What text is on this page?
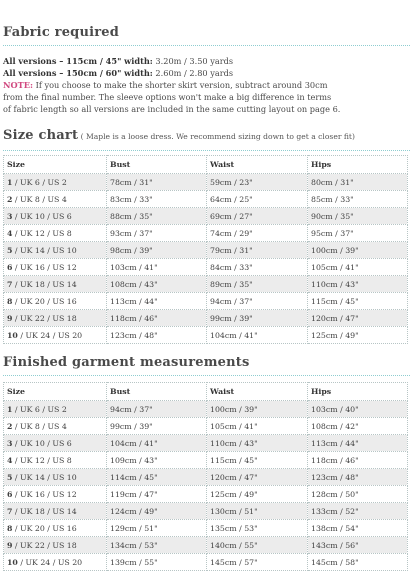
Fabric required

All versions – 115cm / 45" width: 3.20m / 3.50 yards

All versions – 150cm / 60" width: 2.60m / 2.80 yards

NOTE: If you choose to make the shorter skirt version, subtract around 30cm

from the final number. The sleeve options won't make a big difference in terms

of fabric length so all versions are included in the same cutting layout on page 6.

Size chart ( Maple is a loose dress. We recommend sizing down to get a closer fit)
Size	Bust	Waist	Hips
1 / UK 6 / US 2	78cm / 31"	59cm / 23"	80cm / 31"
2 / UK 8 / US 4	83cm / 33"	64cm / 25"	85cm / 33"
3 / UK 10 / US 6	88cm / 35"	69cm / 27"	90cm / 35"
4 / UK 12 / US 8	93cm / 37"	74cm / 29"	95cm / 37"
5 / UK 14 / US 10	98cm / 39"	79cm / 31"	100cm / 39"
6 / UK 16 / US 12	103cm / 41"	84cm / 33"	105cm / 41"
7 / UK 18 / US 14	108cm / 43"	89cm / 35"	110cm / 43"
8 / UK 20 / US 16	113cm / 44"	94cm / 37"	115cm / 45"
9 / UK 22 / US 18	118cm / 46"	99cm / 39"	120cm / 47"
10 / UK 24 / US 20	123cm / 48"	104cm / 41"	125cm / 49"
Finished garment measurements
Size	Bust	Waist	Hips
1 / UK 6 / US 2	94cm / 37"	100cm / 39"	103cm / 40"
2 / UK 8 / US 4	99cm / 39"	105cm / 41"	108cm / 42"
3 / UK 10 / US 6	104cm / 41"	110cm / 43"	113cm / 44"
4 / UK 12 / US 8	109cm / 43"	115cm / 45"	118cm / 46"
5 / UK 14 / US 10	114cm / 45"	120cm / 47"	123cm / 48"
6 / UK 16 / US 12	119cm / 47"	125cm / 49"	128cm / 50"
7 / UK 18 / US 14	124cm / 49"	130cm / 51"	133cm / 52"
8 / UK 20 / US 16	129cm / 51"	135cm / 53"	138cm / 54"
9 / UK 22 / US 18	134cm / 53"	140cm / 55"	143cm / 56"
10 / UK 24 / US 20	139cm / 55"	145cm / 57"	145cm / 58"
